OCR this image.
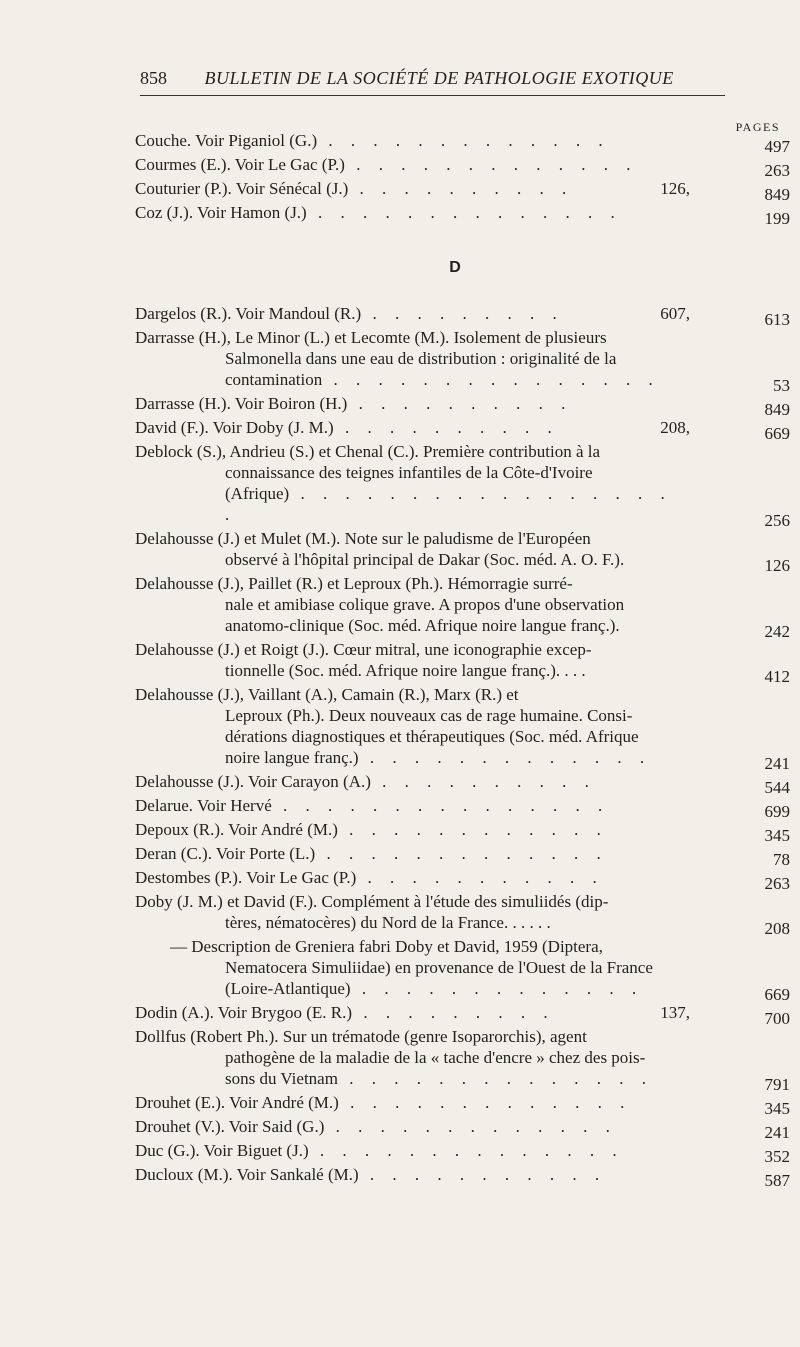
858 BULLETIN DE LA SOCIÉTÉ DE PATHOLOGIE EXOTIQUE
PAGES
Couche. Voir Piganiol (G.) . . . . . . . . . . . . .	497
Courmes (E.). Voir Le Gac (P.) . . . . . . . . . . . . .	263
Couturier (P.). Voir Sénécal (J.) . . . . . . . . . .	126,	849
Coz (J.). Voir Hamon (J.) . . . . . . . . . . . . . .	199
D
Dargelos (R.). Voir Mandoul (R.) . . . . . . . . .	607,	613
Darrasse (H.), Le Minor (L.) et Lecomte (M.). Isolement de plusieurs
Salmonella dans une eau de distribution : originalité de la
contamination . . . . . . . . . . . . . . .	53
Darrasse (H.). Voir Boiron (H.) . . . . . . . . . .	849
David (F.). Voir Doby (J. M.) . . . . . . . . . .	208,	669
Deblock (S.), Andrieu (S.) et Chenal (C.). Première contribution à la
connaissance des teignes infantiles de la Côte-d'Ivoire
(Afrique) . . . . . . . . . . . . . . . . . .	256
Delahousse (J.) et Mulet (M.). Note sur le paludisme de l'Européen
observé à l'hôpital principal de Dakar (Soc. méd. A. O. F.).	126
Delahousse (J.), Paillet (R.) et Leproux (Ph.). Hémorragie surré-
nale et amibiase colique grave. A propos d'une observation
anatomo-clinique (Soc. méd. Afrique noire langue franç.).	242
Delahousse (J.) et Roigt (J.). Cœur mitral, une iconographie excep-
tionnelle (Soc. méd. Afrique noire langue franç.). . . .	412
Delahousse (J.), Vaillant (A.), Camain (R.), Marx (R.) et
Leproux (Ph.). Deux nouveaux cas de rage humaine. Consi-
dérations diagnostiques et thérapeutiques (Soc. méd. Afrique
noire langue franç.) . . . . . . . . . . . . .	241
Delahousse (J.). Voir Carayon (A.) . . . . . . . . . .	544
Delarue. Voir Hervé . . . . . . . . . . . . . . .	699
Depoux (R.). Voir André (M.) . . . . . . . . . . . .	345
Deran (C.). Voir Porte (L.) . . . . . . . . . . . . .	78
Destombes (P.). Voir Le Gac (P.) . . . . . . . . . . .	263
Doby (J. M.) et David (F.). Complément à l'étude des simuliidés (dip-
tères, nématocères) du Nord de la France. . . . . .	208
— Description de Greniera fabri Doby et David, 1959 (Diptera,
Nematocera Simuliidae) en provenance de l'Ouest de la France
(Loire-Atlantique) . . . . . . . . . . . . .	669
Dodin (A.). Voir Brygoo (E. R.) . . . . . . . . .	137,	700
Dollfus (Robert Ph.). Sur un trématode (genre Isoparorchis), agent
pathogène de la maladie de la « tache d'encre » chez des pois-
sons du Vietnam . . . . . . . . . . . . . .	791
Drouhet (E.). Voir André (M.) . . . . . . . . . . . . .	345
Drouhet (V.). Voir Said (G.) . . . . . . . . . . . . .	241
Duc (G.). Voir Biguet (J.) . . . . . . . . . . . . . .	352
Ducloux (M.). Voir Sankalé (M.) . . . . . . . . . . .	587
